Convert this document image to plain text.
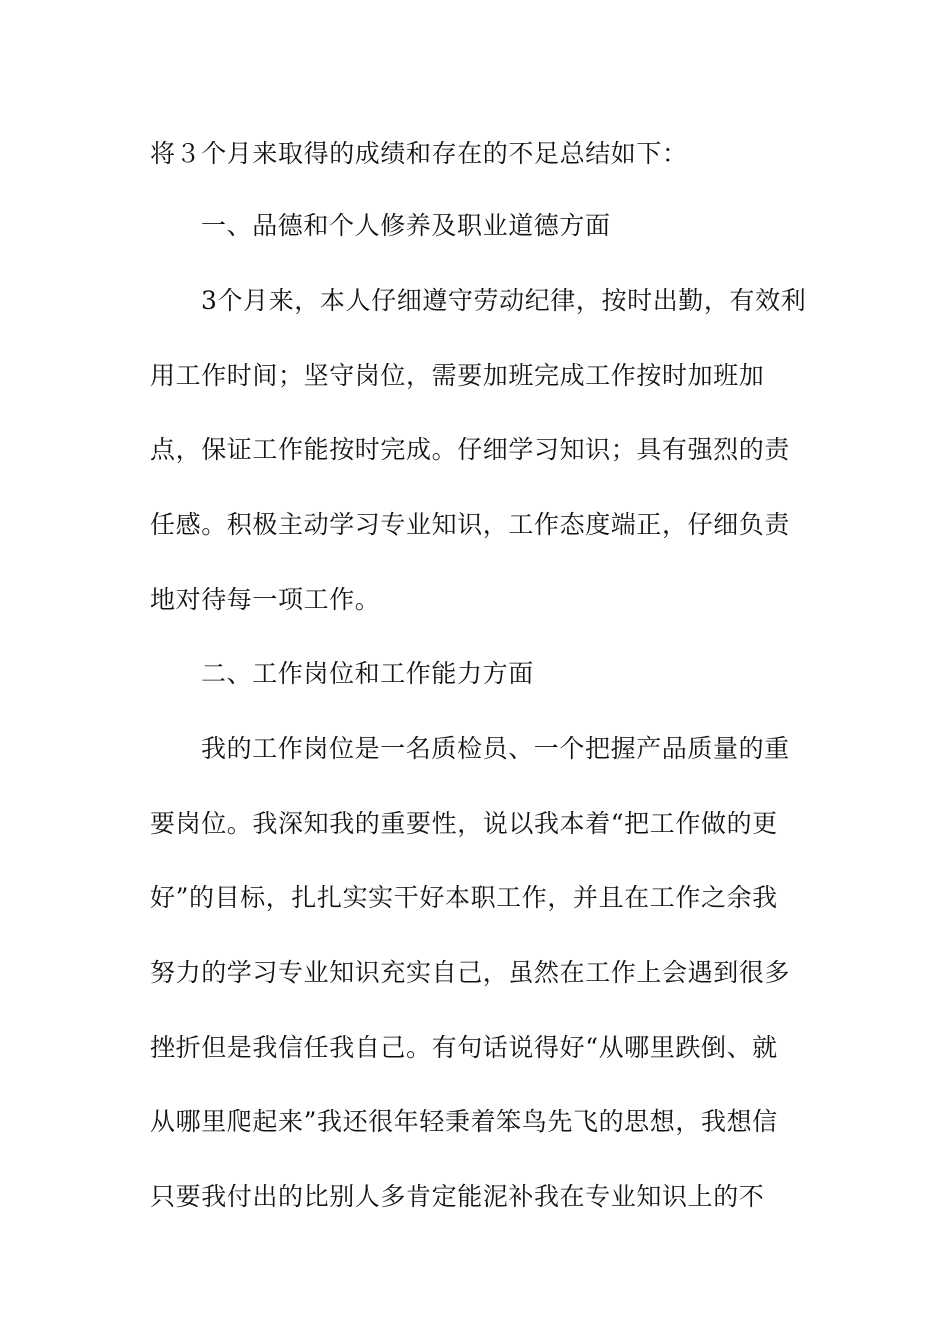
将３个月来取得的成绩和存在的不足总结如下：
一、品德和个人修养及职业道德方面
3个月来，本人仔细遵守劳动纪律，按时出勤，有效利
用工作时间；坚守岗位，需要加班完成工作按时加班加
点，保证工作能按时完成。仔细学习知识；具有强烈的责
任感。积极主动学习专业知识，工作态度端正，仔细负责
地对待每一项工作。
二、工作岗位和工作能力方面
我的工作岗位是一名质检员、一个把握产品质量的重
要岗位。我深知我的重要性，说以我本着“把工作做的更
好”的目标，扎扎实实干好本职工作，并且在工作之余我
努力的学习专业知识充实自己，虽然在工作上会遇到很多
挫折但是我信任我自己。有句话说得好“从哪里跌倒、就
从哪里爬起来”我还很年轻秉着笨鸟先飞的思想，我想信
只要我付出的比别人多肯定能泥补我在专业知识上的不
